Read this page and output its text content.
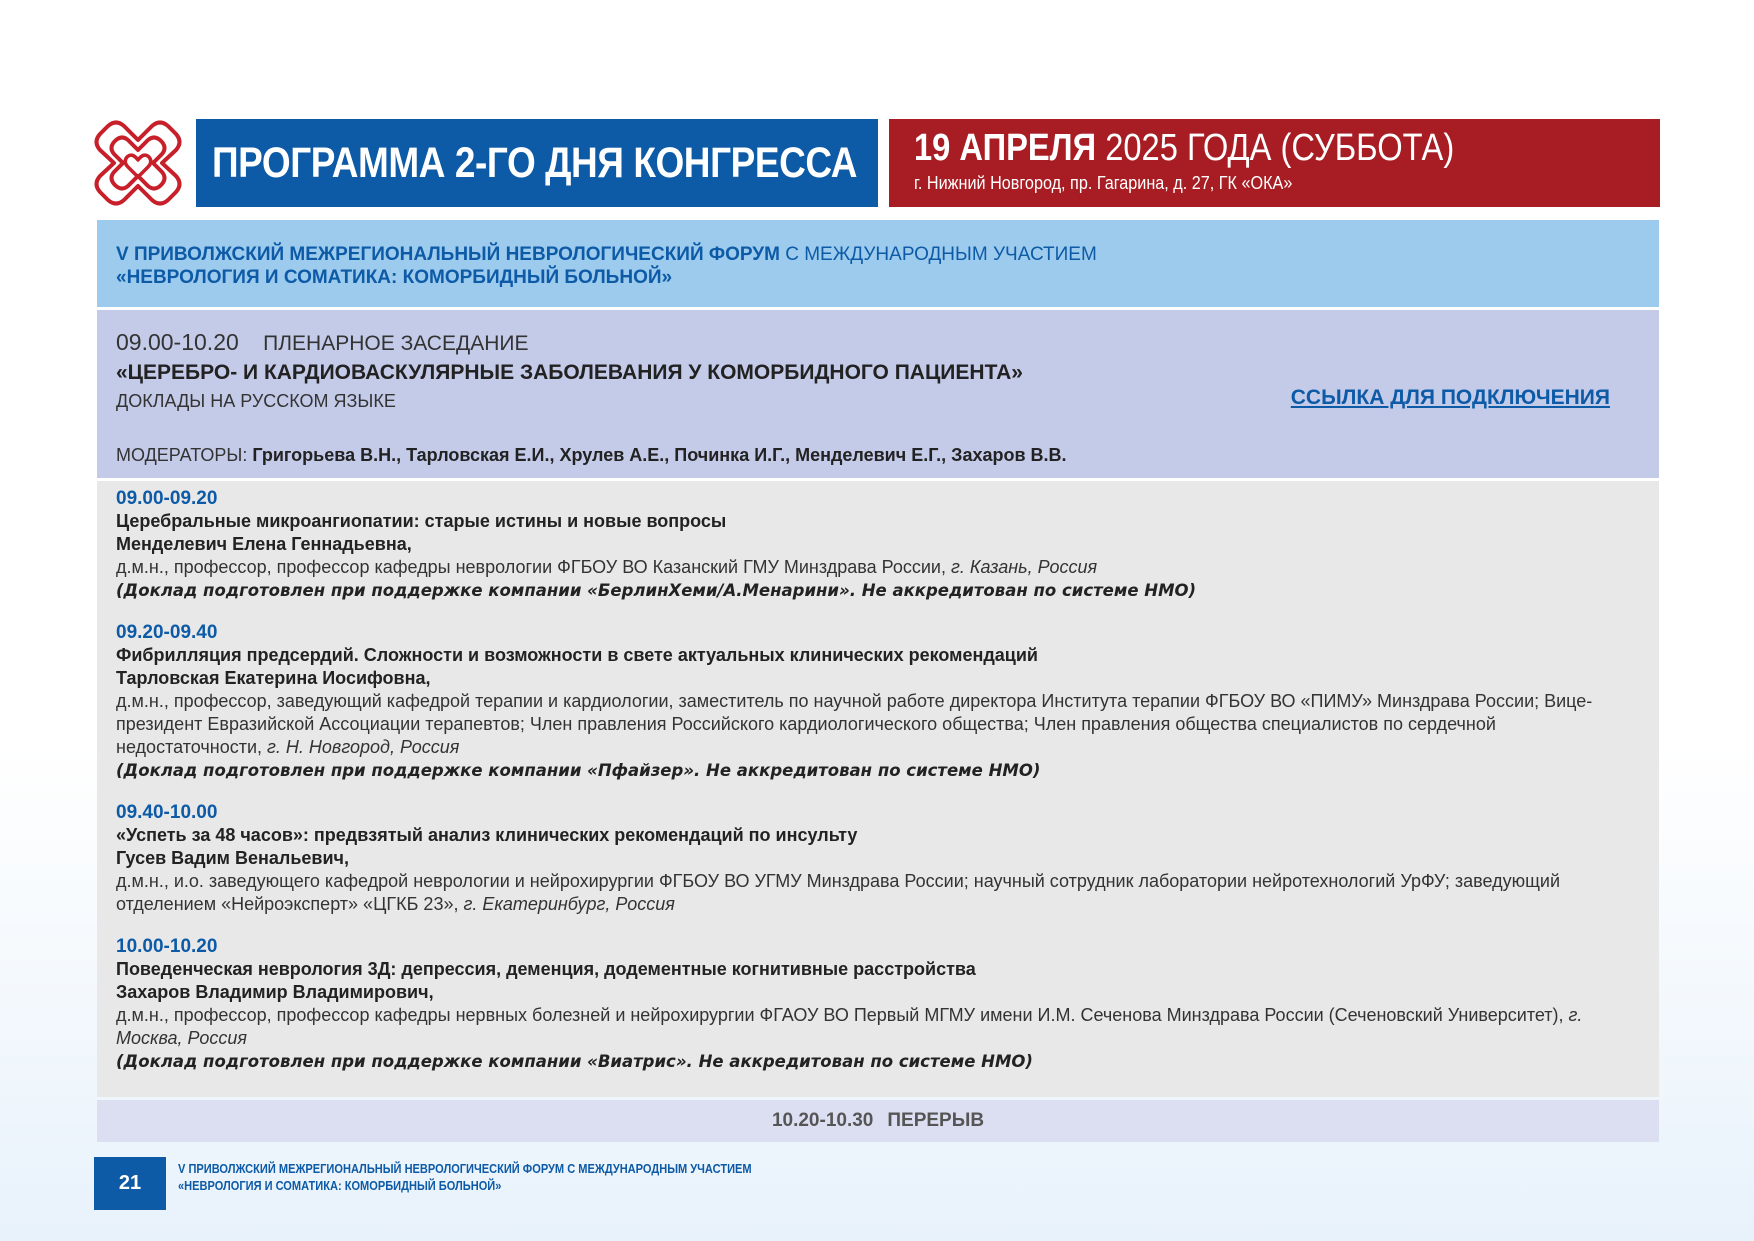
ПРОГРАММА 2-ГО ДНЯ КОНГРЕССА 19 АПРЕЛЯ 2025 ГОДА (СУББОТА)
г. Нижний Новгород, пр. Гагарина, д. 27, ГК «ОКА»
V ПРИВОЛЖСКИЙ МЕЖРЕГИОНАЛЬНЫЙ НЕВРОЛОГИЧЕСКИЙ ФОРУМ С МЕЖДУНАРОДНЫМ УЧАСТИЕМ
«НЕВРОЛОГИЯ И СОМАТИКА: КОМОРБИДНЫЙ БОЛЬНОЙ»
09.00-10.20 ПЛЕНАРНОЕ ЗАСЕДАНИЕ
«ЦЕРЕБРО- И КАРДИОВАСКУЛЯРНЫЕ ЗАБОЛЕВАНИЯ У КОМОРБИДНОГО ПАЦИЕНТА»
ДОКЛАДЫ НА РУССКОМ ЯЗЫКЕ	ССЫЛКА ДЛЯ ПОДКЛЮЧЕНИЯ
МОДЕРАТОРЫ: Григорьева В.Н., Тарловская Е.И., Хрулев А.Е., Починка И.Г., Менделевич Е.Г., Захаров В.В.
09.00-09.20
Церебральные микроангиопатии: старые истины и новые вопросы
Менделевич Елена Геннадьевна,
д.м.н., профессор, профессор кафедры неврологии ФГБОУ ВО Казанский ГМУ Минздрава России, г. Казань, Россия
(Доклад подготовлен при поддержке компании «БерлинХеми/А.Менарини». Не аккредитован по системе НМО)
09.20-09.40
Фибрилляция предсердий. Сложности и возможности в свете актуальных клинических рекомендаций
Тарловская Екатерина Иосифовна,
д.м.н., профессор, заведующий кафедрой терапии и кардиологии, заместитель по научной работе директора Института терапии ФГБОУ ВО «ПИМУ» Минздрава России; Вице-президент Евразийской Ассоциации терапевтов; Член правления Российского кардиологического общества; Член правления общества специалистов по сердечной недостаточности, г. Н. Новгород, Россия
(Доклад подготовлен при поддержке компании «Пфайзер». Не аккредитован по системе НМО)
09.40-10.00
«Успеть за 48 часов»: предвзятый анализ клинических рекомендаций по инсульту
Гусев Вадим Венальевич,
д.м.н., и.о. заведующего кафедрой неврологии и нейрохирургии ФГБОУ ВО УГМУ Минздрава России; научный сотрудник лаборатории нейротехнологий УрФУ; заведующий отделением «Нейроэксперт» «ЦГКБ 23», г. Екатеринбург, Россия
10.00-10.20
Поведенческая неврология 3Д: депрессия, деменция, додементные когнитивные расстройства
Захаров Владимир Владимирович,
д.м.н., профессор, профессор кафедры нервных болезней и нейрохирургии ФГАОУ ВО Первый МГМУ имени И.М. Сеченова Минздрава России (Сеченовский Университет), г. Москва, Россия
(Доклад подготовлен при поддержке компании «Виатрис». Не аккредитован по системе НМО)
10.20-10.30 ПЕРЕРЫВ
21
V ПРИВОЛЖСКИЙ МЕЖРЕГИОНАЛЬНЫЙ НЕВРОЛОГИЧЕСКИЙ ФОРУМ С МЕЖДУНАРОДНЫМ УЧАСТИЕМ
«НЕВРОЛОГИЯ И СОМАТИКА: КОМОРБИДНЫЙ БОЛЬНОЙ»
